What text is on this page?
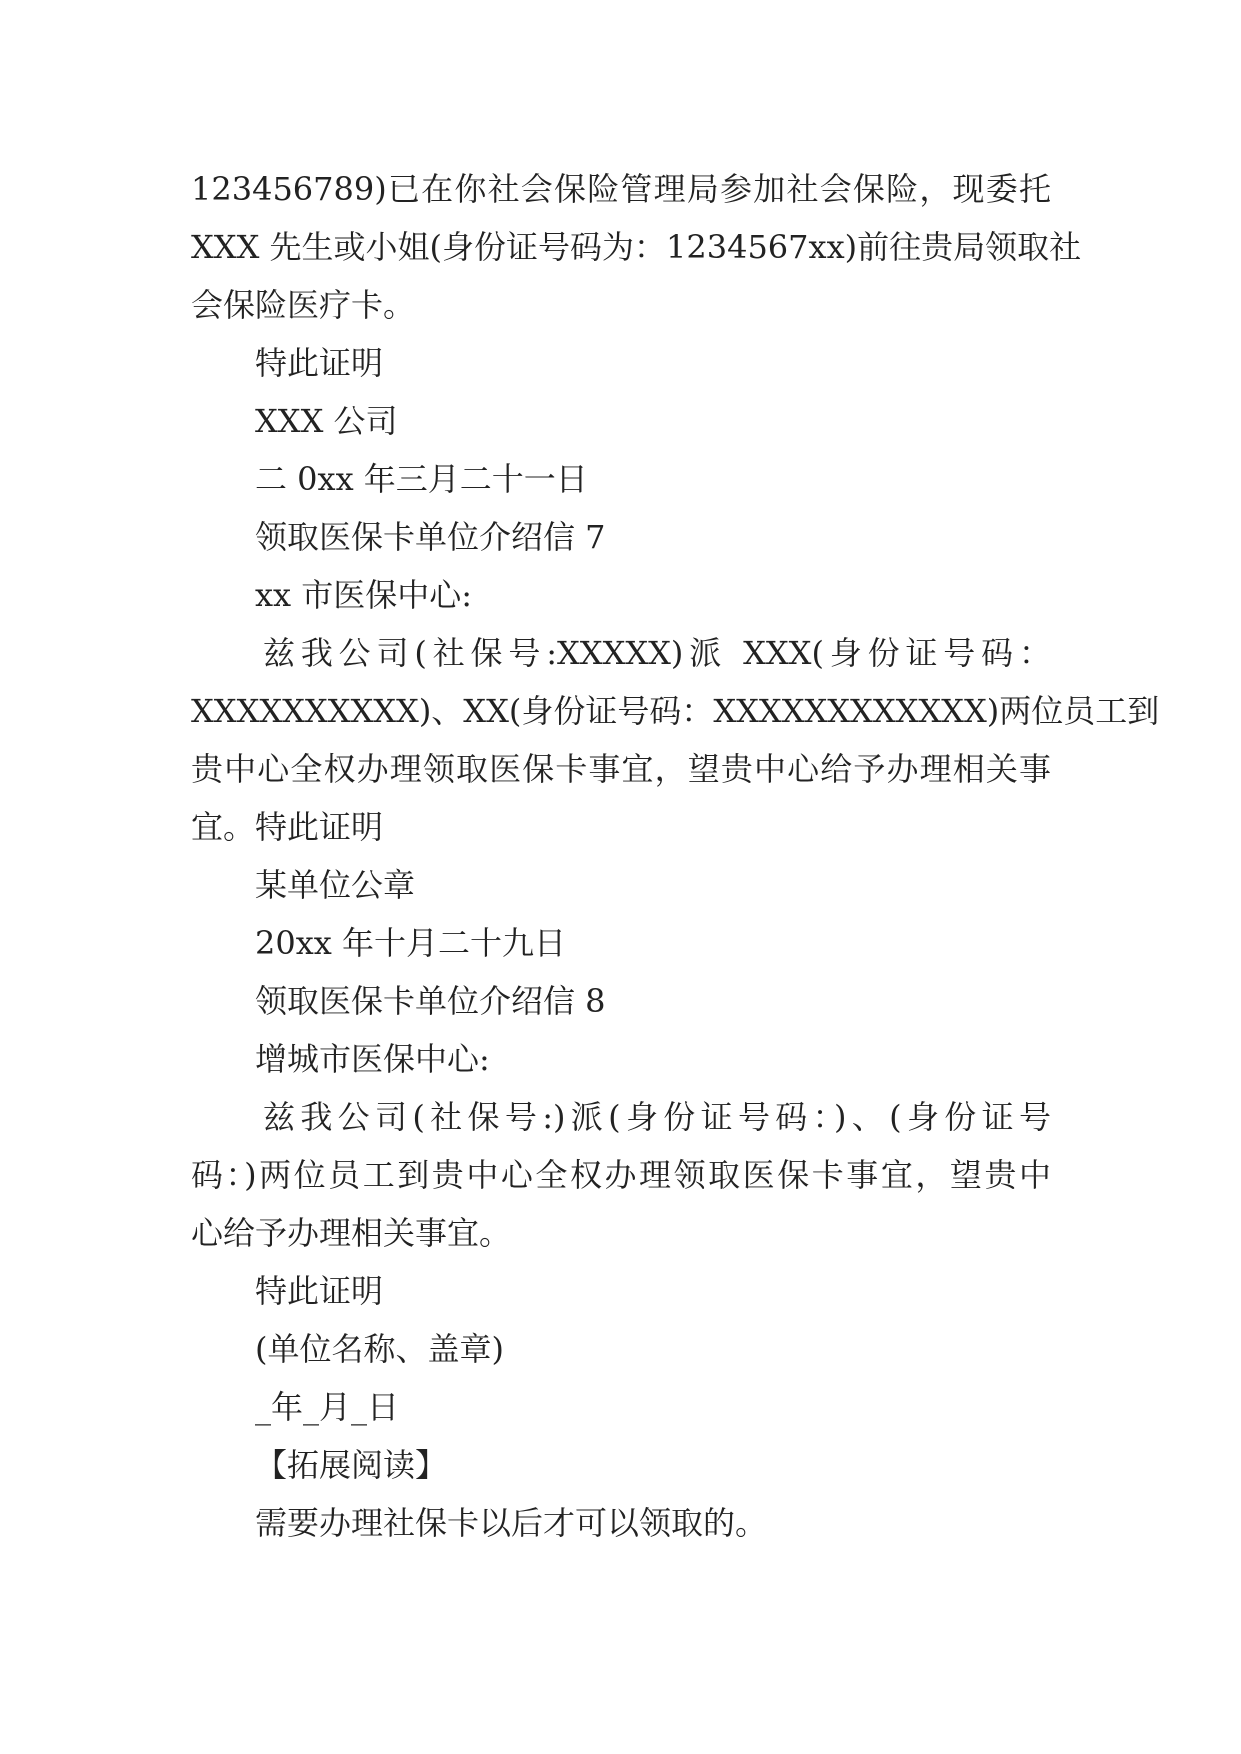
123456789)已在你社会保险管理局参加社会保险，现委托
XXX 先生或小姐(身份证号码为：1234567xx)前往贵局领取社
会保险医疗卡。
特此证明
XXX 公司
二 0xx 年三月二十一日
领取医保卡单位介绍信 7
xx 市医保中心:
兹我公司(社保号:XXXXX)派 XXX(身份证号码：
XXXXXXXXXX)、XX(身份证号码：XXXXXXXXXXXX)两位员工到
贵中心全权办理领取医保卡事宜，望贵中心给予办理相关事
宜。特此证明
某单位公章
20xx 年十月二十九日
领取医保卡单位介绍信 8
增城市医保中心:
兹我公司(社保号:)派(身份证号码：)、(身份证号
码：)两位员工到贵中心全权办理领取医保卡事宜，望贵中
心给予办理相关事宜。
特此证明
(单位名称、盖章)
_年_月_日
【拓展阅读】
需要办理社保卡以后才可以领取的。
